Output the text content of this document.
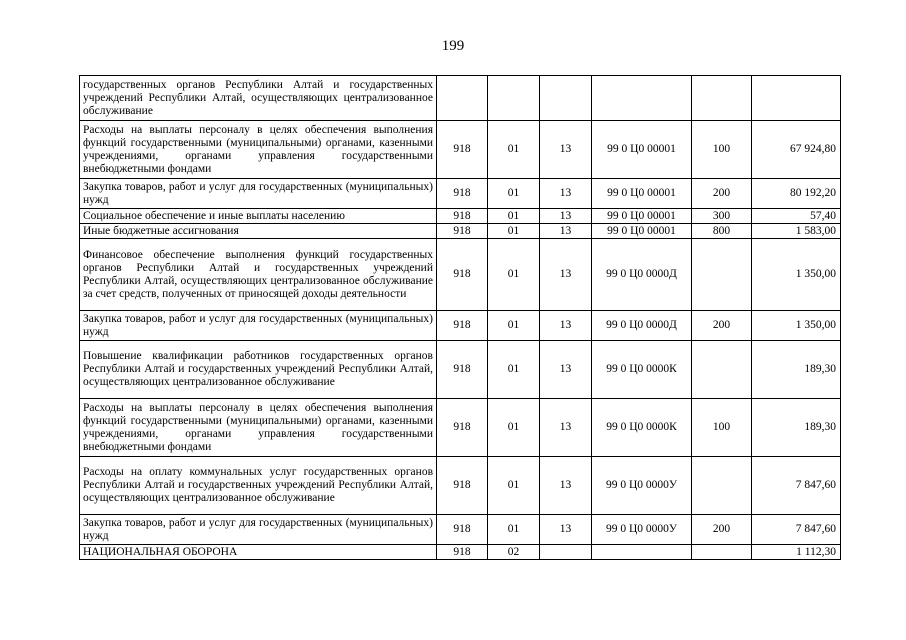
199
государственных органов Республики Алтай и государственных учреждений Республики Алтай, осуществляющих централизованное обслуживание						
Расходы на выплаты персоналу в целях обеспечения выполнения функций государственными (муниципальными) органами, казенными учреждениями, органами управления государственными внебюджетными фондами	918	01	13	99 0 Ц0 00001	100	67 924,80
Закупка товаров, работ и услуг для государственных (муниципальных) нужд	918	01	13	99 0 Ц0 00001	200	80 192,20
Социальное обеспечение и иные выплаты населению	918	01	13	99 0 Ц0 00001	300	57,40
Иные бюджетные ассигнования	918	01	13	99 0 Ц0 00001	800	1 583,00
Финансовое обеспечение выполнения функций государственных органов Республики Алтай и государственных учреждений Республики Алтай, осуществляющих централизованное обслуживание за счет средств, полученных от приносящей доходы деятельности	918	01	13	99 0 Ц0 0000Д		1 350,00
Закупка товаров, работ и услуг для государственных (муниципальных) нужд	918	01	13	99 0 Ц0 0000Д	200	1 350,00
Повышение квалификации работников государственных органов Республики Алтай и государственных учреждений Республики Алтай, осуществляющих централизованное обслуживание	918	01	13	99 0 Ц0 0000К		189,30
Расходы на выплаты персоналу в целях обеспечения выполнения функций государственными (муниципальными) органами, казенными учреждениями, органами управления государственными внебюджетными фондами	918	01	13	99 0 Ц0 0000К	100	189,30
Расходы на оплату коммунальных услуг государственных органов Республики Алтай и государственных учреждений Республики Алтай, осуществляющих централизованное обслуживание	918	01	13	99 0 Ц0 0000У		7 847,60
Закупка товаров, работ и услуг для государственных (муниципальных) нужд	918	01	13	99 0 Ц0 0000У	200	7 847,60
НАЦИОНАЛЬНАЯ ОБОРОНА	918	02				1 112,30
